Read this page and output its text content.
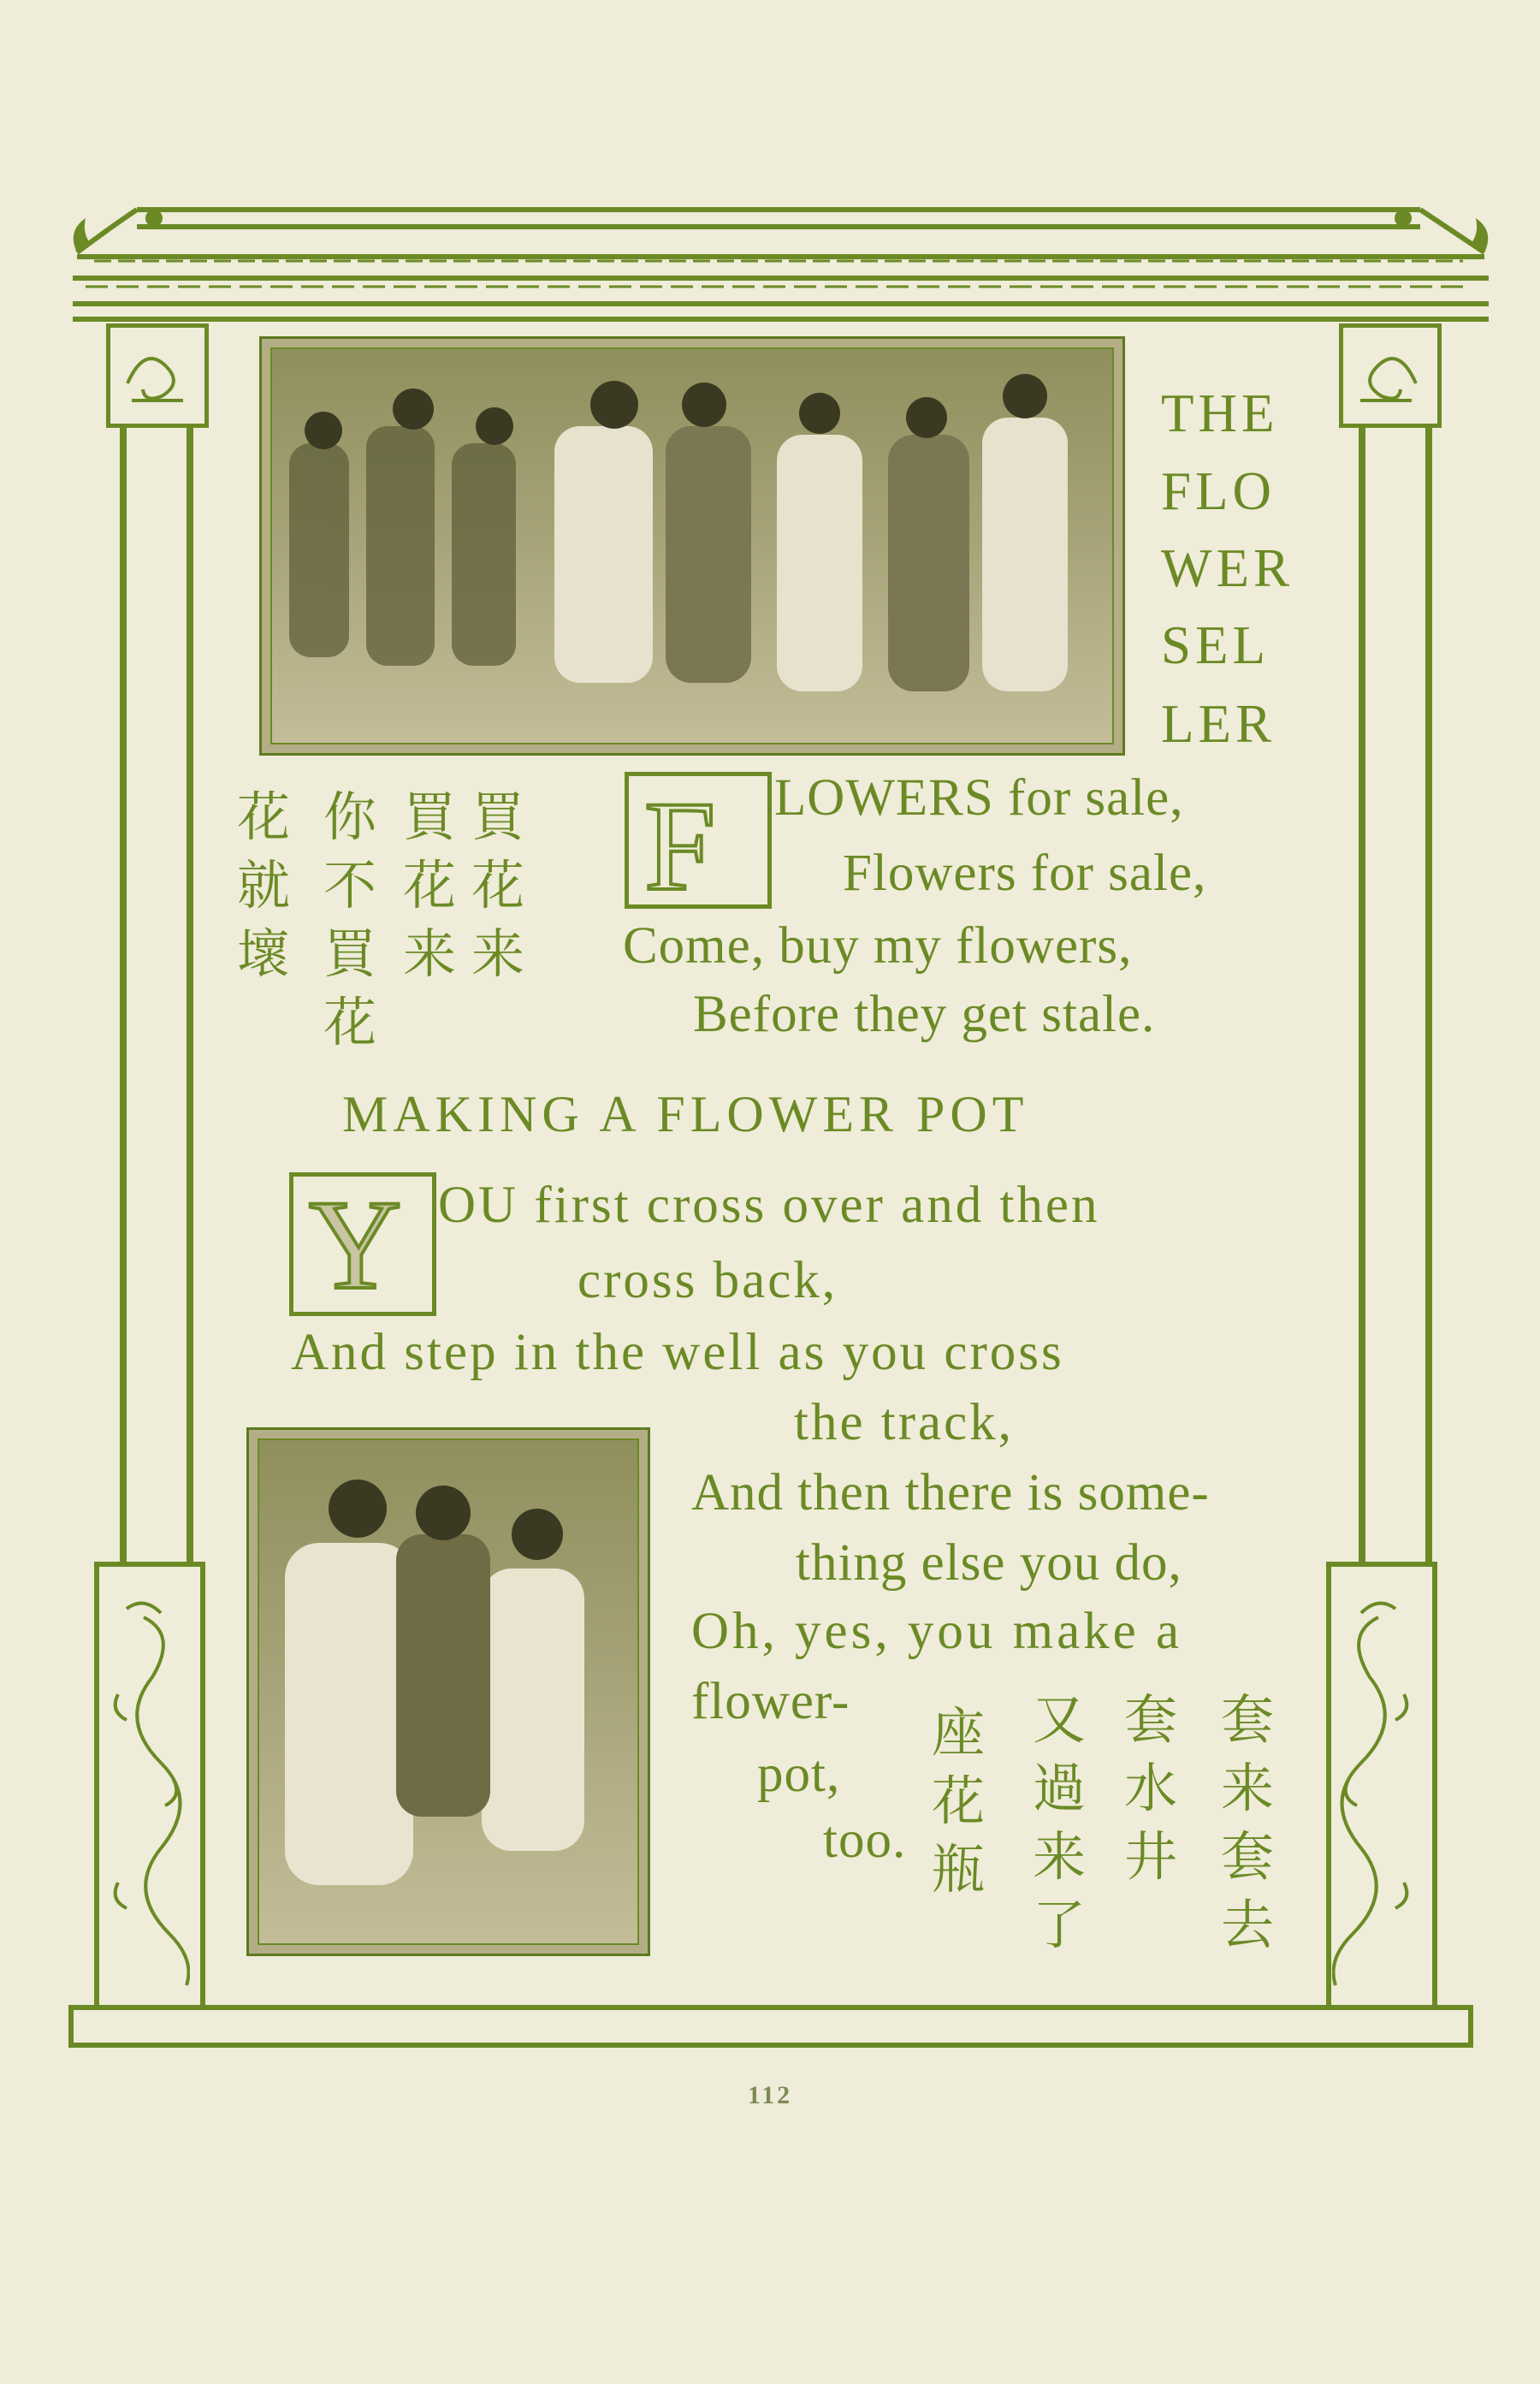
THE
FLO
WER
SEL
LER
買花来
買花来
你不買花
花就壞
F LOWERS for sale,
Flowers for sale,
Come, buy my flowers,
Before they get stale.
MAKING A FLOWER POT
Y OU first cross over and then
cross back,
And step in the well as you cross
the track,
And then there is some-
thing else you do,
Oh, yes, you make a
flower-
pot,
too.
套来套去
套水井
又過来了
座花瓶
112
